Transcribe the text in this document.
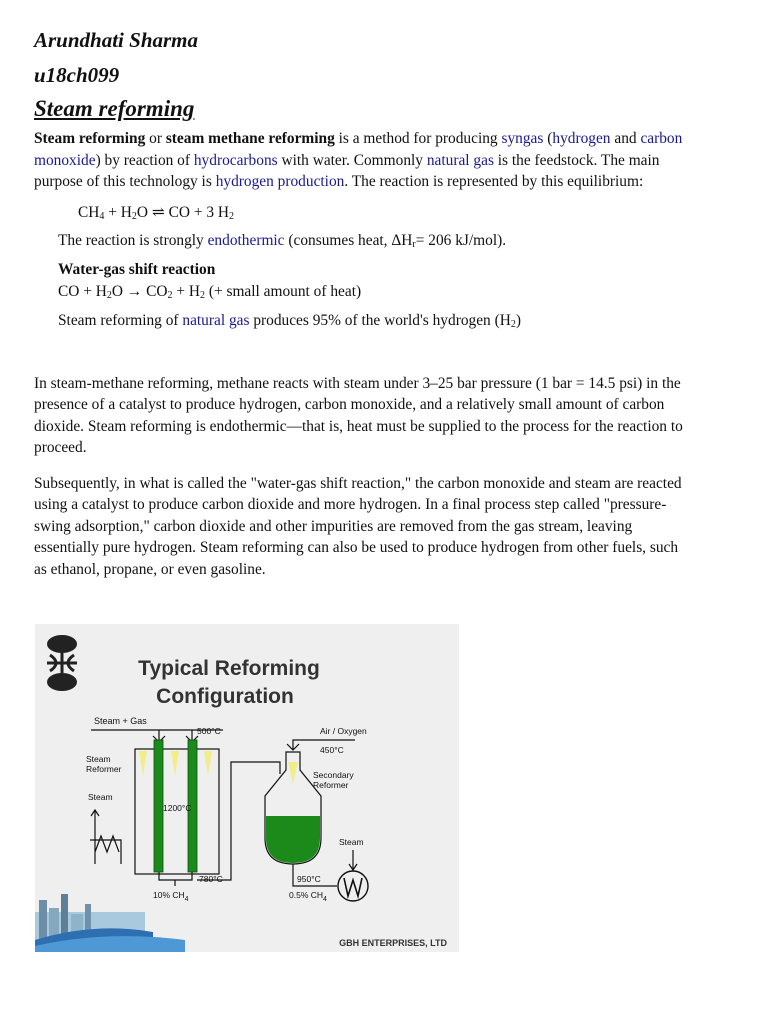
Arundhati Sharma
u18ch099
Steam reforming

Steam reforming or steam methane reforming is a method for producing syngas (hydrogen and carbon monoxide) by reaction of hydrocarbons with water. Commonly natural gas is the feedstock. The main purpose of this technology is hydrogen production. The reaction is represented by this equilibrium:

$CH_4 + H_2O$ ⇌ CO + 3 $H_2$

The reaction is strongly endothermic (consumes heat, $\Delta H_r= 206$ kJ/mol).

Water-gas shift reaction

CO + $H_2O \to CO_2 + H_2$ (+ small amount of heat)

Steam reforming of natural gas produces 95% of the world's hydrogen $(H_2)$

In steam-methane reforming, methane reacts with steam under 3–25 bar pressure (1 bar = 14.5 psi) in the presence of a catalyst to produce hydrogen, carbon monoxide, and a relatively small amount of carbon dioxide. Steam reforming is endothermic—that is, heat must be supplied to the process for the reaction to proceed.

Subsequently, in what is called the "water-gas shift reaction," the carbon monoxide and steam are reacted using a catalyst to produce carbon dioxide and more hydrogen. In a final process step called "pressure-swing adsorption," carbon dioxide and other impurities are removed from the gas stream, leaving essentially pure hydrogen. Steam reforming can also be used to produce hydrogen from other fuels, such as ethanol, propane, or even gasoline.

Typical Reforming
Configuration
Steam + Gas
500°C
Steam
Reformer
1200°C
Steam
780°C
10% $CH_4$
Air / Oxygen
450°C
Secondary
Reformer
950°C
0.5% $CH_4$
Steam
GBH ENTERPRISES, LTD
